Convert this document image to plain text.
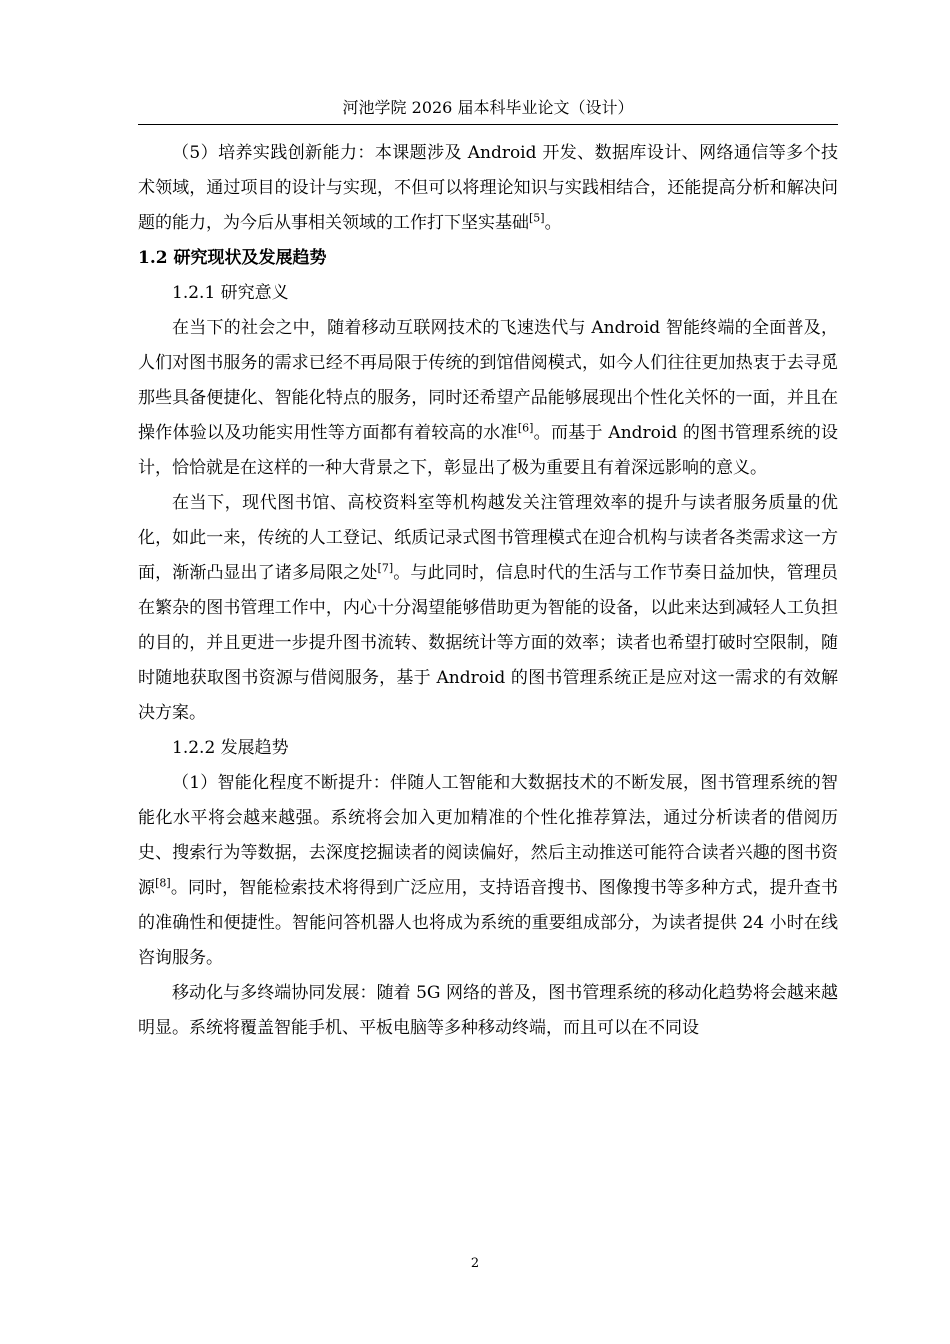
河池学院 2026 届本科毕业论文（设计）

（5）培养实践创新能力：本课题涉及 Android 开发、数据库设计、网络通信等多个技术领域，通过项目的设计与实现，不但可以将理论知识与实践相结合，还能提高分析和解决问题的能力，为今后从事相关领域的工作打下坚实基础[5]。

1.2 研究现状及发展趋势

1.2.1 研究意义

在当下的社会之中，随着移动互联网技术的飞速迭代与 Android 智能终端的全面普及，人们对图书服务的需求已经不再局限于传统的到馆借阅模式，如今人们往往更加热衷于去寻觅那些具备便捷化、智能化特点的服务，同时还希望产品能够展现出个性化关怀的一面，并且在操作体验以及功能实用性等方面都有着较高的水准[6]。而基于 Android 的图书管理系统的设计，恰恰就是在这样的一种大背景之下，彰显出了极为重要且有着深远影响的意义。

在当下，现代图书馆、高校资料室等机构越发关注管理效率的提升与读者服务质量的优化，如此一来，传统的人工登记、纸质记录式图书管理模式在迎合机构与读者各类需求这一方面，渐渐凸显出了诸多局限之处[7]。与此同时，信息时代的生活与工作节奏日益加快，管理员在繁杂的图书管理工作中，内心十分渴望能够借助更为智能的设备，以此来达到减轻人工负担的目的，并且更进一步提升图书流转、数据统计等方面的效率；读者也希望打破时空限制，随时随地获取图书资源与借阅服务，基于 Android 的图书管理系统正是应对这一需求的有效解决方案。

1.2.2 发展趋势

（1）智能化程度不断提升：伴随人工智能和大数据技术的不断发展，图书管理系统的智能化水平将会越来越强。系统将会加入更加精准的个性化推荐算法，通过分析读者的借阅历史、搜索行为等数据，去深度挖掘读者的阅读偏好，然后主动推送可能符合读者兴趣的图书资源[8]。同时，智能检索技术将得到广泛应用，支持语音搜书、图像搜书等多种方式，提升查书的准确性和便捷性。智能问答机器人也将成为系统的重要组成部分，为读者提供 24 小时在线咨询服务。

移动化与多终端协同发展：随着 5G 网络的普及，图书管理系统的移动化趋势将会越来越明显。系统将覆盖智能手机、平板电脑等多种移动终端，而且可以在不同设

2
